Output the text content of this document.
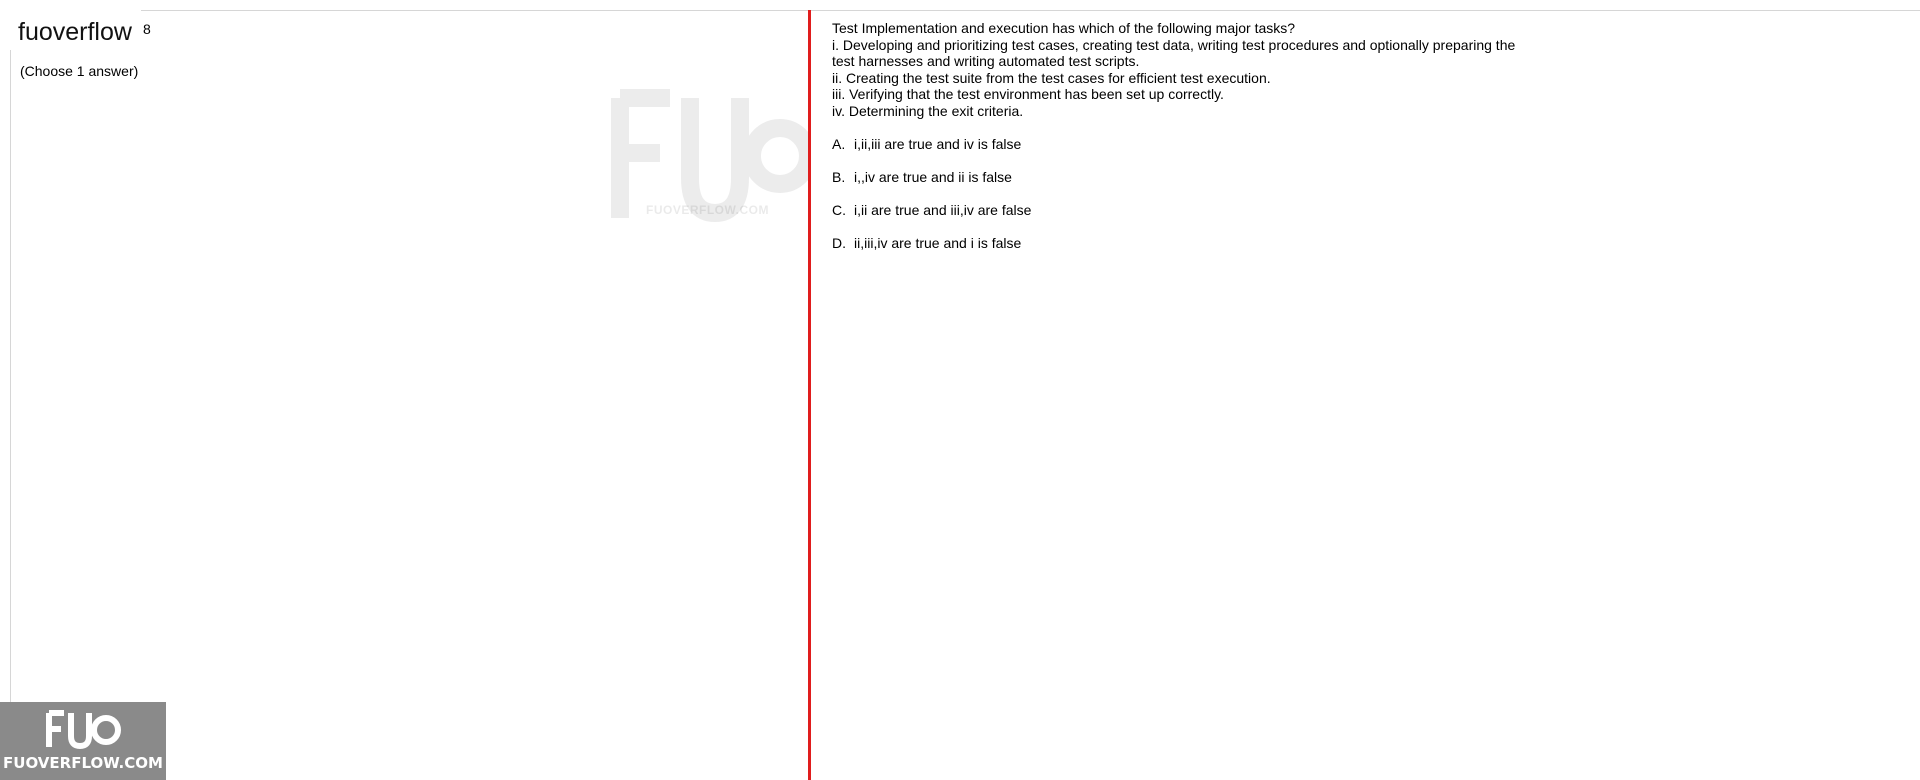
fuoverflow 8
(Choose 1 answer)
FUOVERFLOW.COM
Test Implementation and execution has which of the following major tasks?
i. Developing and prioritizing test cases, creating test data, writing test procedures and optionally preparing the
test harnesses and writing automated test scripts.
ii. Creating the test suite from the test cases for efficient test execution.
iii. Verifying that the test environment has been set up correctly.
iv. Determining the exit criteria.
A. i,ii,iii are true and iv is false
B. i,,iv are true and ii is false
C. i,ii are true and iii,iv are false
D. ii,iii,iv are true and i is false
FUOVERFLOW.COM
